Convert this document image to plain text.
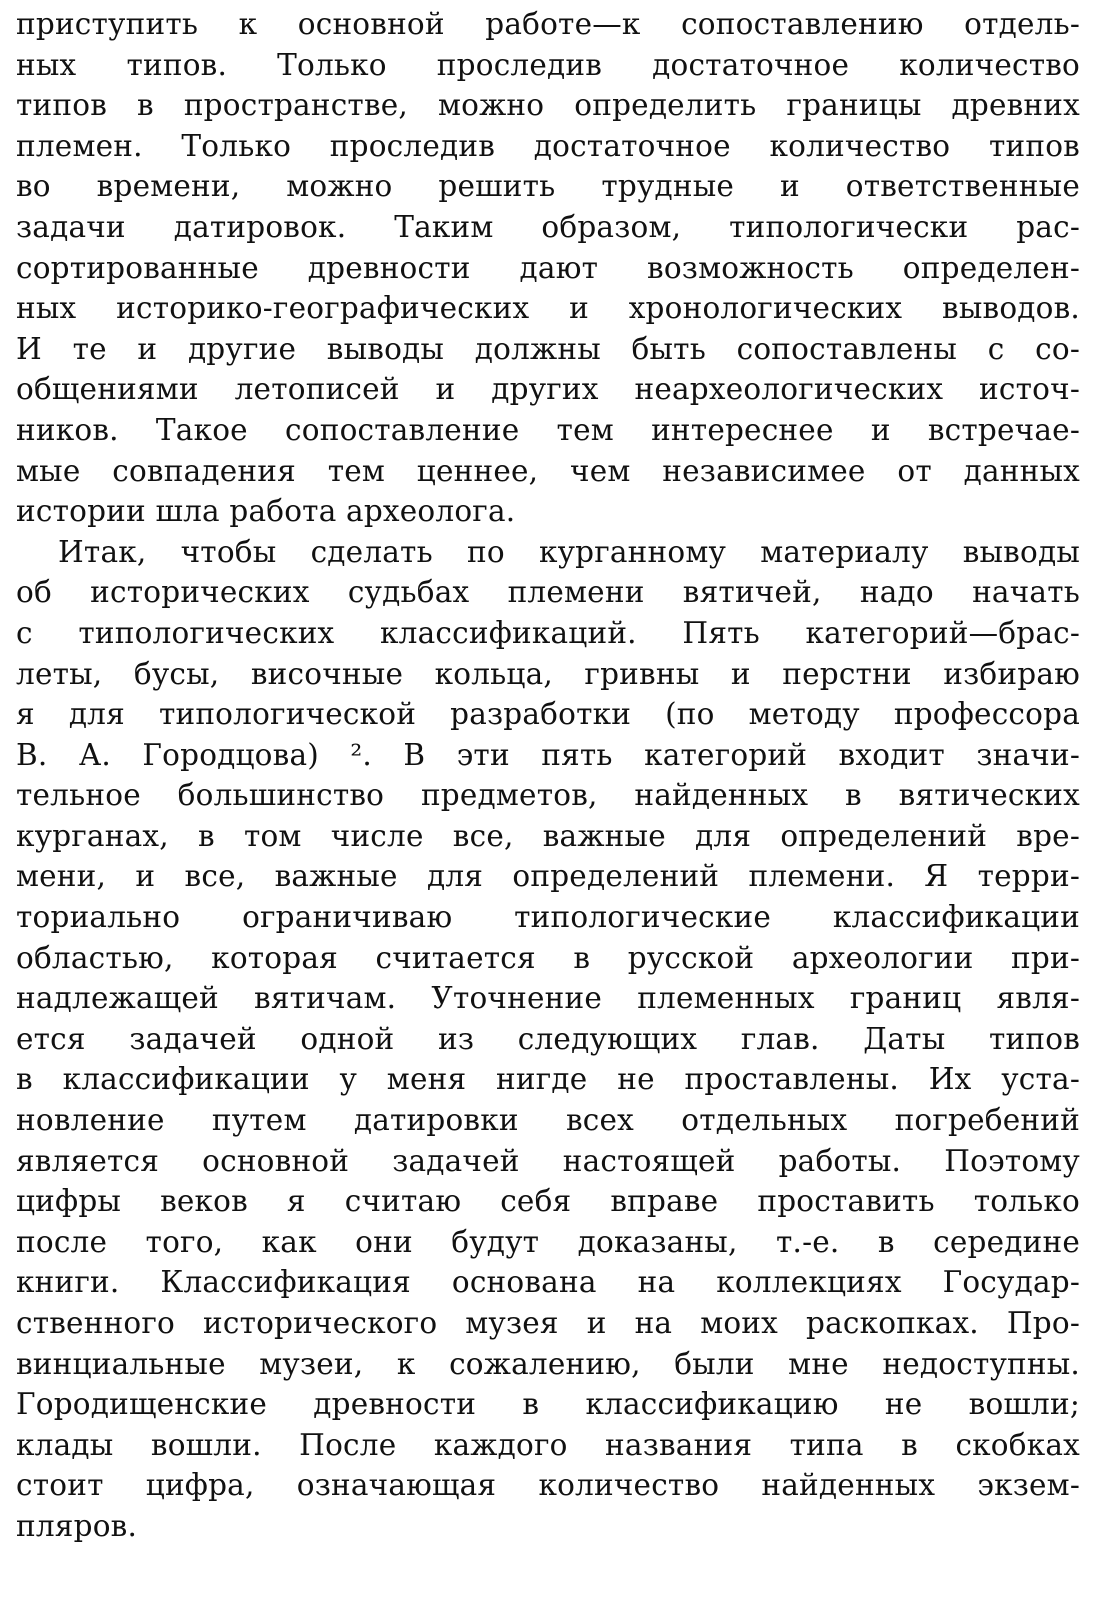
приступить к основной работе—к сопоставлению отдель-
ных типов. Только проследив достаточное количество
типов в пространстве, можно определить границы древних
племен. Только проследив достаточное количество типов
во времени, можно решить трудные и ответственные
задачи датировок. Таким образом, типологически рас-
сортированные древности дают возможность определен-
ных историко-географических и хронологических выводов.
И те и другие выводы должны быть сопоставлены с со-
общениями летописей и других неархеологических источ-
ников. Такое сопоставление тем интереснее и встречае-
мые совпадения тем ценнее, чем независимее от данных
истории шла работа археолога.
Итак, чтобы сделать по курганному материалу выводы
об исторических судьбах племени вятичей, надо начать
с типологических классификаций. Пять категорий—брас-
леты, бусы, височные кольца, гривны и перстни избираю
я для типологической разработки (по методу профессора
В. А. Городцова) ². В эти пять категорий входит значи-
тельное большинство предметов, найденных в вятических
курганах, в том числе все, важные для определений вре-
мени, и все, важные для определений племени. Я терри-
ториально ограничиваю типологические классификации
областью, которая считается в русской археологии при-
надлежащей вятичам. Уточнение племенных границ явля-
ется задачей одной из следующих глав. Даты типов
в классификации у меня нигде не проставлены. Их уста-
новление путем датировки всех отдельных погребений
является основной задачей настоящей работы. Поэтому
цифры веков я считаю себя вправе проставить только
после того, как они будут доказаны, т.-е. в середине
книги. Классификация основана на коллекциях Государ-
ственного исторического музея и на моих раскопках. Про-
винциальные музеи, к сожалению, были мне недоступны.
Городищенские древности в классификацию не вошли;
клады вошли. После каждого названия типа в скобках
стоит цифра, означающая количество найденных экзем-
пляров.
